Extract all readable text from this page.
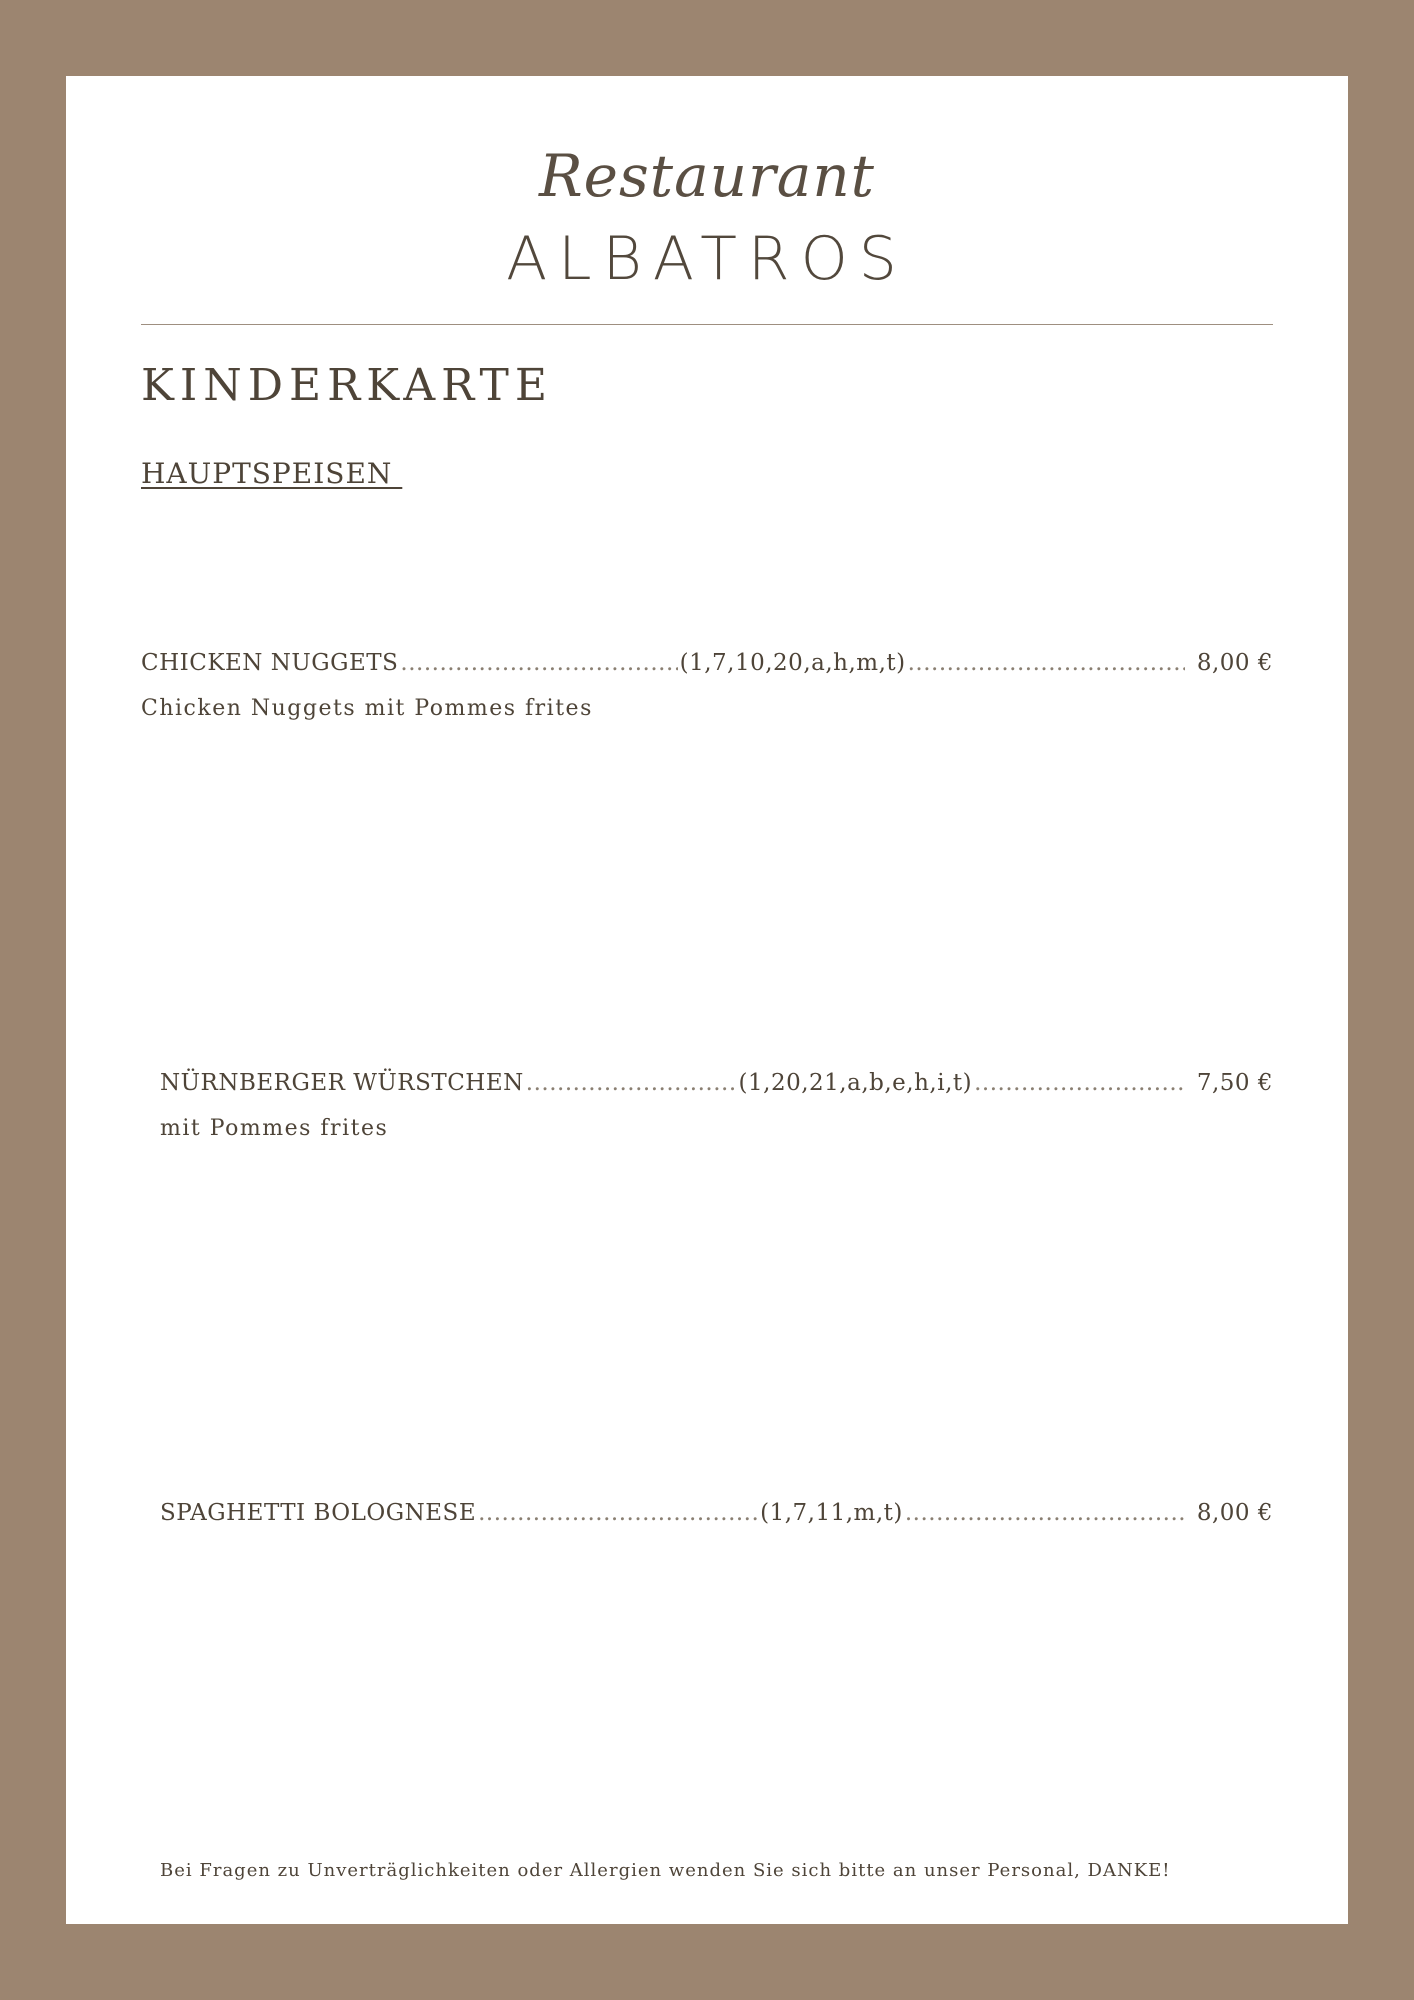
Restaurant
ALBATROS
KINDERKARTE
HAUPTSPEISEN
CHICKEN NUGGETS .....	(1,7,10,20,a,h,m,t) .....	8,00 €
Chicken Nuggets mit Pommes frites
NÜRNBERGER WÜRSTCHEN .....	(1,20,21,a,b,e,h,i,t) .....	7,50 €
mit Pommes frites
SPAGHETTI BOLOGNESE .....	(1,7,11,m,t) .....	8,00 €
Bei Fragen zu Unverträglichkeiten oder Allergien wenden Sie sich bitte an unser Personal, DANKE!
